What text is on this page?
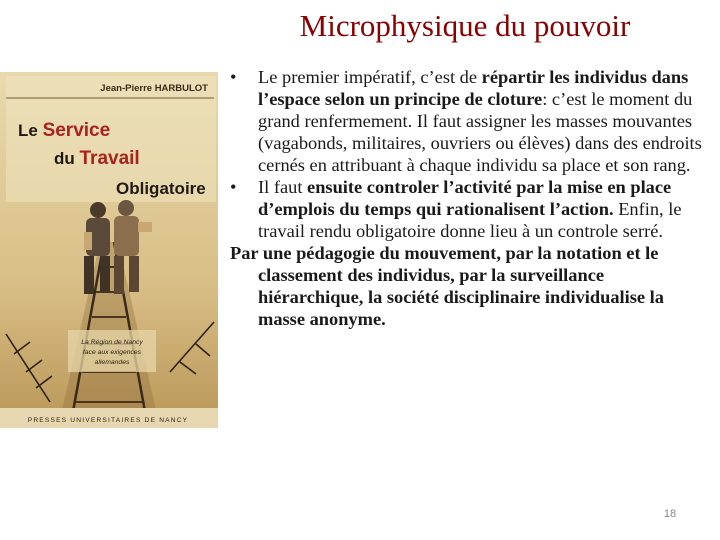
Microphysique du pouvoir
Jean-Pierre HARBULOT
Le Service
du Travail
Obligatoire
La Région de Nancy
face aux exigences
allemandes
PRESSES UNIVERSITAIRES DE NANCY

•	Le premier impératif, c’est de répartir les individus dans l’espace selon un principe de cloture: c’est le moment du grand renfermement. Il faut assigner les masses mouvantes (vagabonds, militaires, ouvriers ou élèves) dans des endroits cernés en attribuant à chaque individu sa place et son rang.

•	Il faut ensuite controler l’activité par la mise en place d’emplois du temps qui rationalisent l’action. Enfin, le travail rendu obligatoire donne lieu à un controle serré.

Par une pédagogie du mouvement, par la notation et le classement des individus, par la surveillance hiérarchique, la société disciplinaire individualise la masse anonyme.

18
